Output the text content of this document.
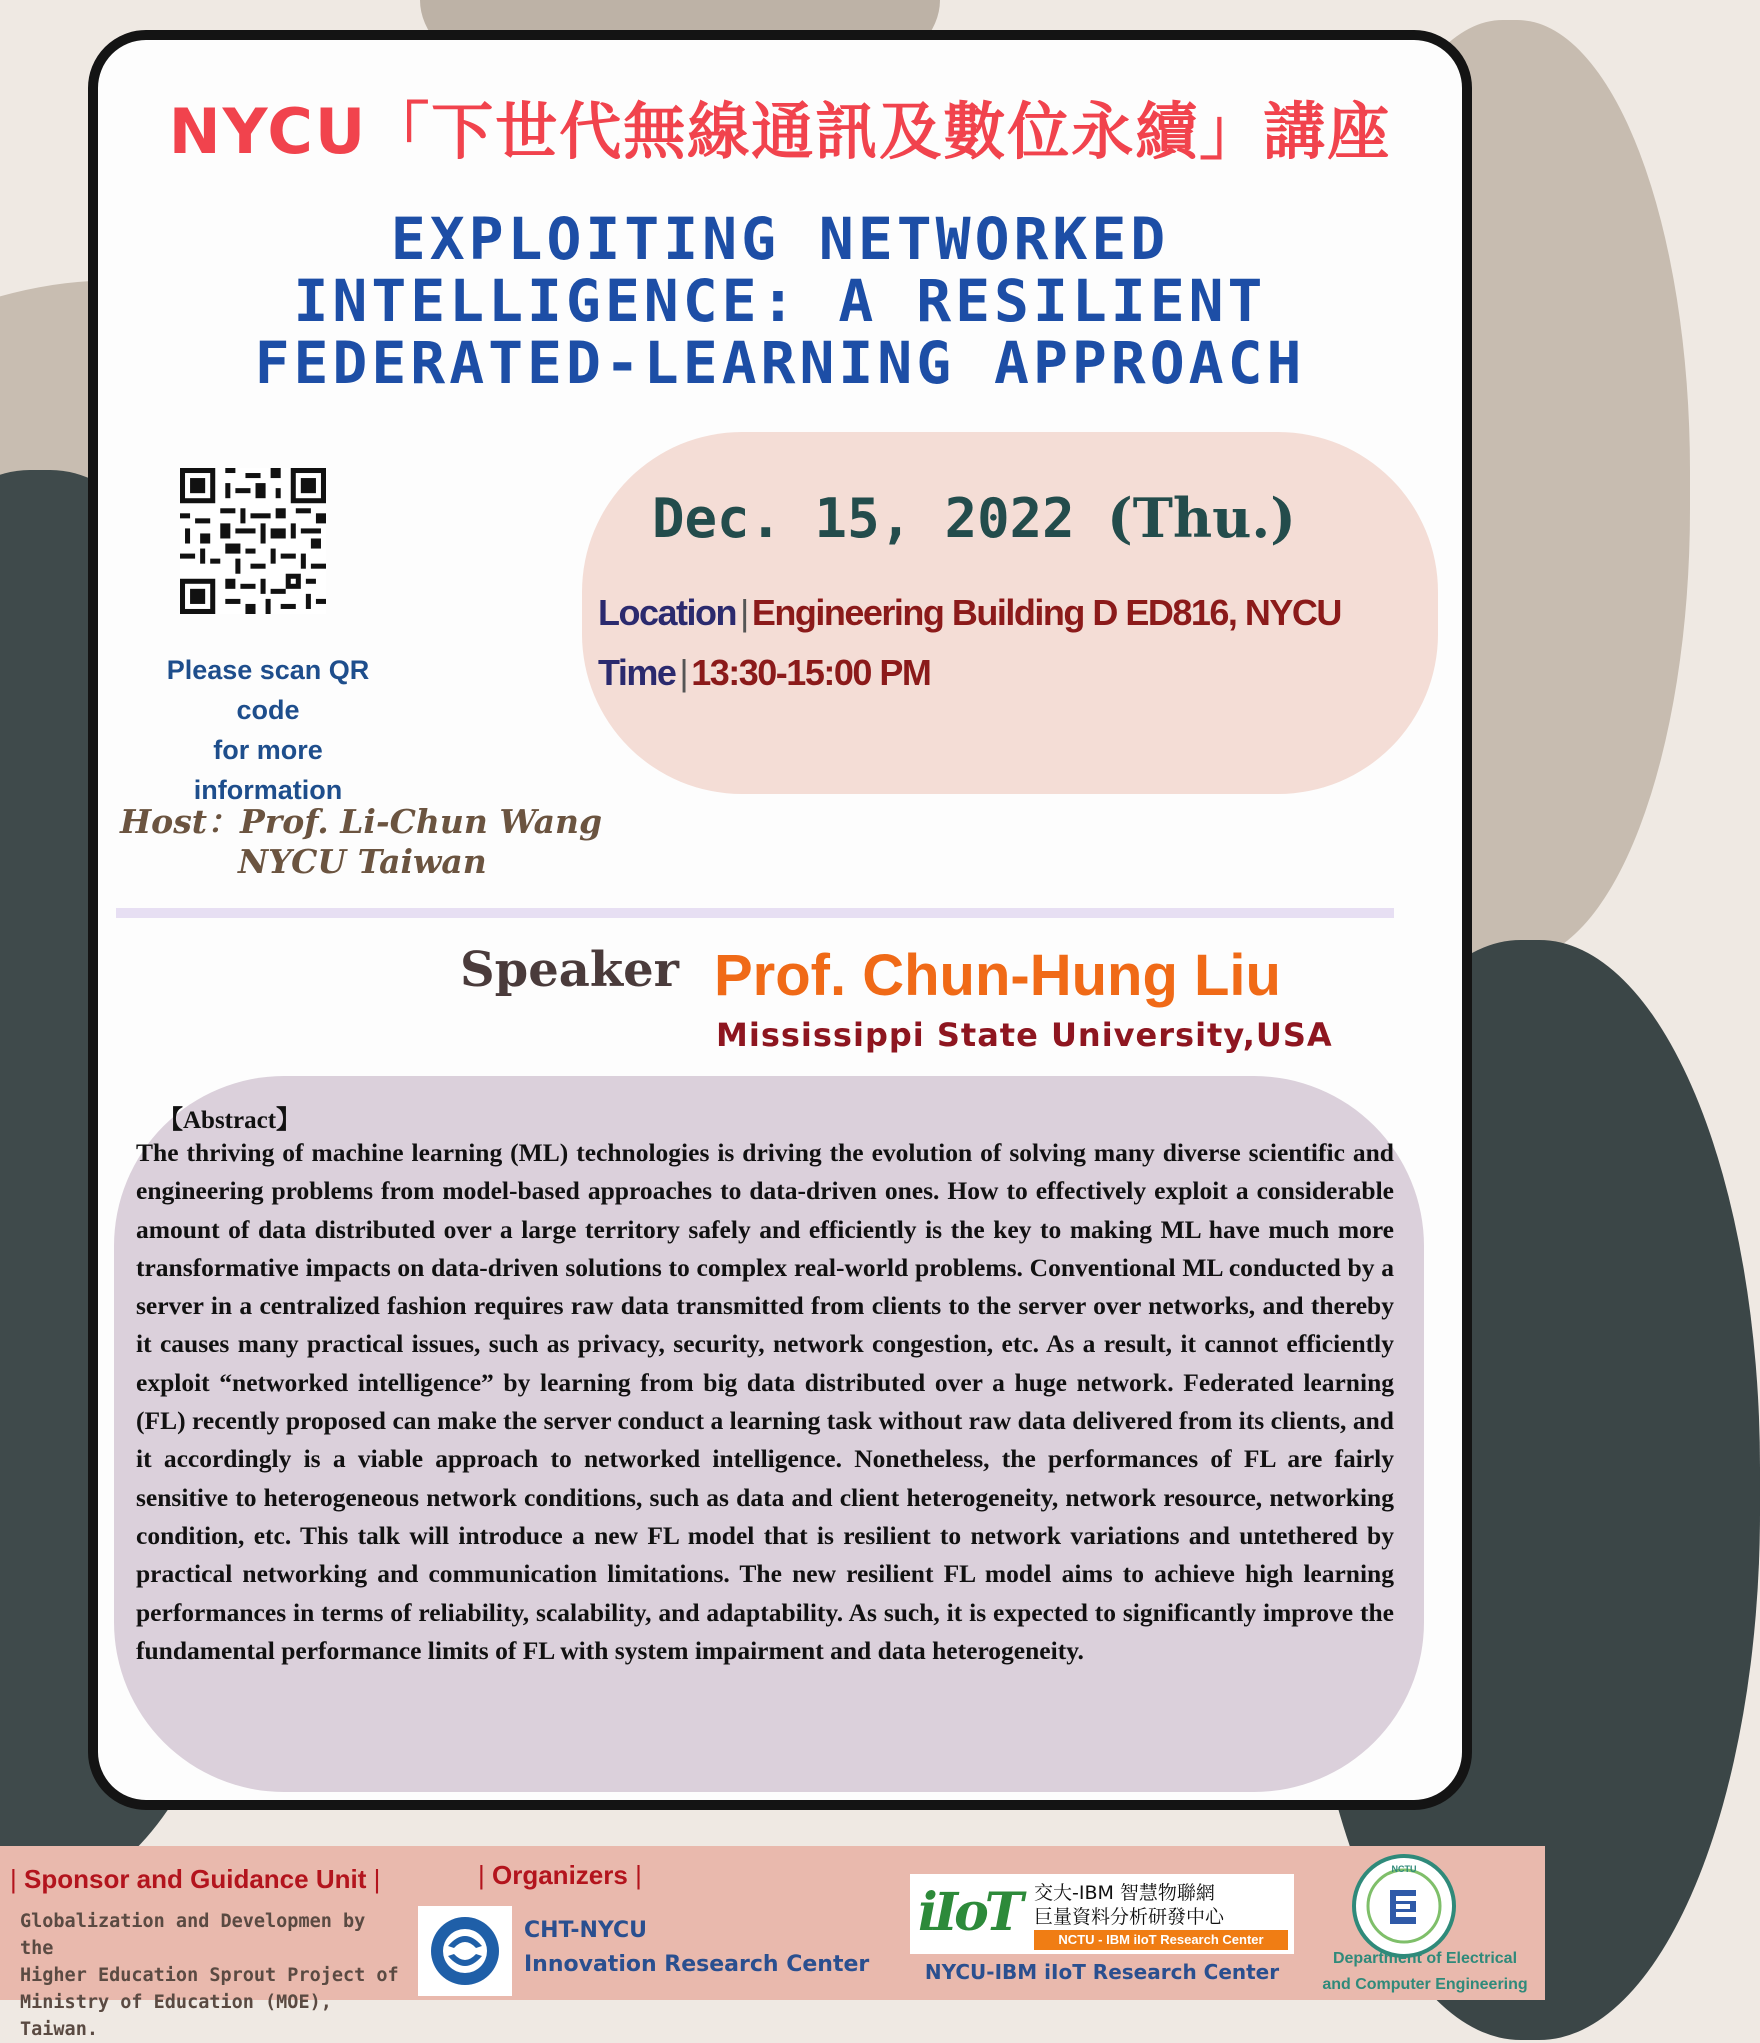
NYCU「下世代無線通訊及數位永續」講座
EXPLOITING NETWORKED
INTELLIGENCE: A RESILIENT
FEDERATED-LEARNING APPROACH
Please scan QR code
for more information
Host：Prof. Li-Chun Wang
NYCU Taiwan
Dec. 15, 2022 (Thu.)
Location | Engineering Building D ED816, NYCU
Time | 13:30-15:00 PM
Speaker Prof. Chun-Hung Liu
Mississippi State University,USA
【Abstract】
The thriving of machine learning (ML) technologies is driving the evolution of solving many diverse scientific and engineering problems from model-based approaches to data-driven ones. How to effectively exploit a considerable amount of data distributed over a large territory safely and efficiently is the key to making ML have much more transformative impacts on data-driven solutions to complex real-world problems. Conventional ML conducted by a server in a centralized fashion requires raw data transmitted from clients to the server over networks, and thereby it causes many practical issues, such as privacy, security, network congestion, etc. As a result, it cannot efficiently exploit “networked intelligence” by learning from big data distributed over a huge network. Federated learning (FL) recently proposed can make the server conduct a learning task without raw data delivered from its clients, and it accordingly is a viable approach to networked intelligence. Nonetheless, the performances of FL are fairly sensitive to heterogeneous network conditions, such as data and client heterogeneity, network resource, networking condition, etc. This talk will introduce a new FL model that is resilient to network variations and untethered by practical networking and communication limitations. The new resilient FL model aims to achieve high learning performances in terms of reliability, scalability, and adaptability. As such, it is expected to significantly improve the fundamental performance limits of FL with system impairment and data heterogeneity.
| Sponsor and Guidance Unit |
Globalization and Developmen by the
Higher Education Sprout Project of
Ministry of Education (MOE), Taiwan.
| Organizers |
CHT-NYCU
Innovation Research Center
iIoT 交大-IBM 智慧物聯網
巨量資料分析研發中心
NCTU - IBM iIoT Research Center
NYCU-IBM iIoT Research Center
NCTU
Department of Electrical
and Computer Engineering
